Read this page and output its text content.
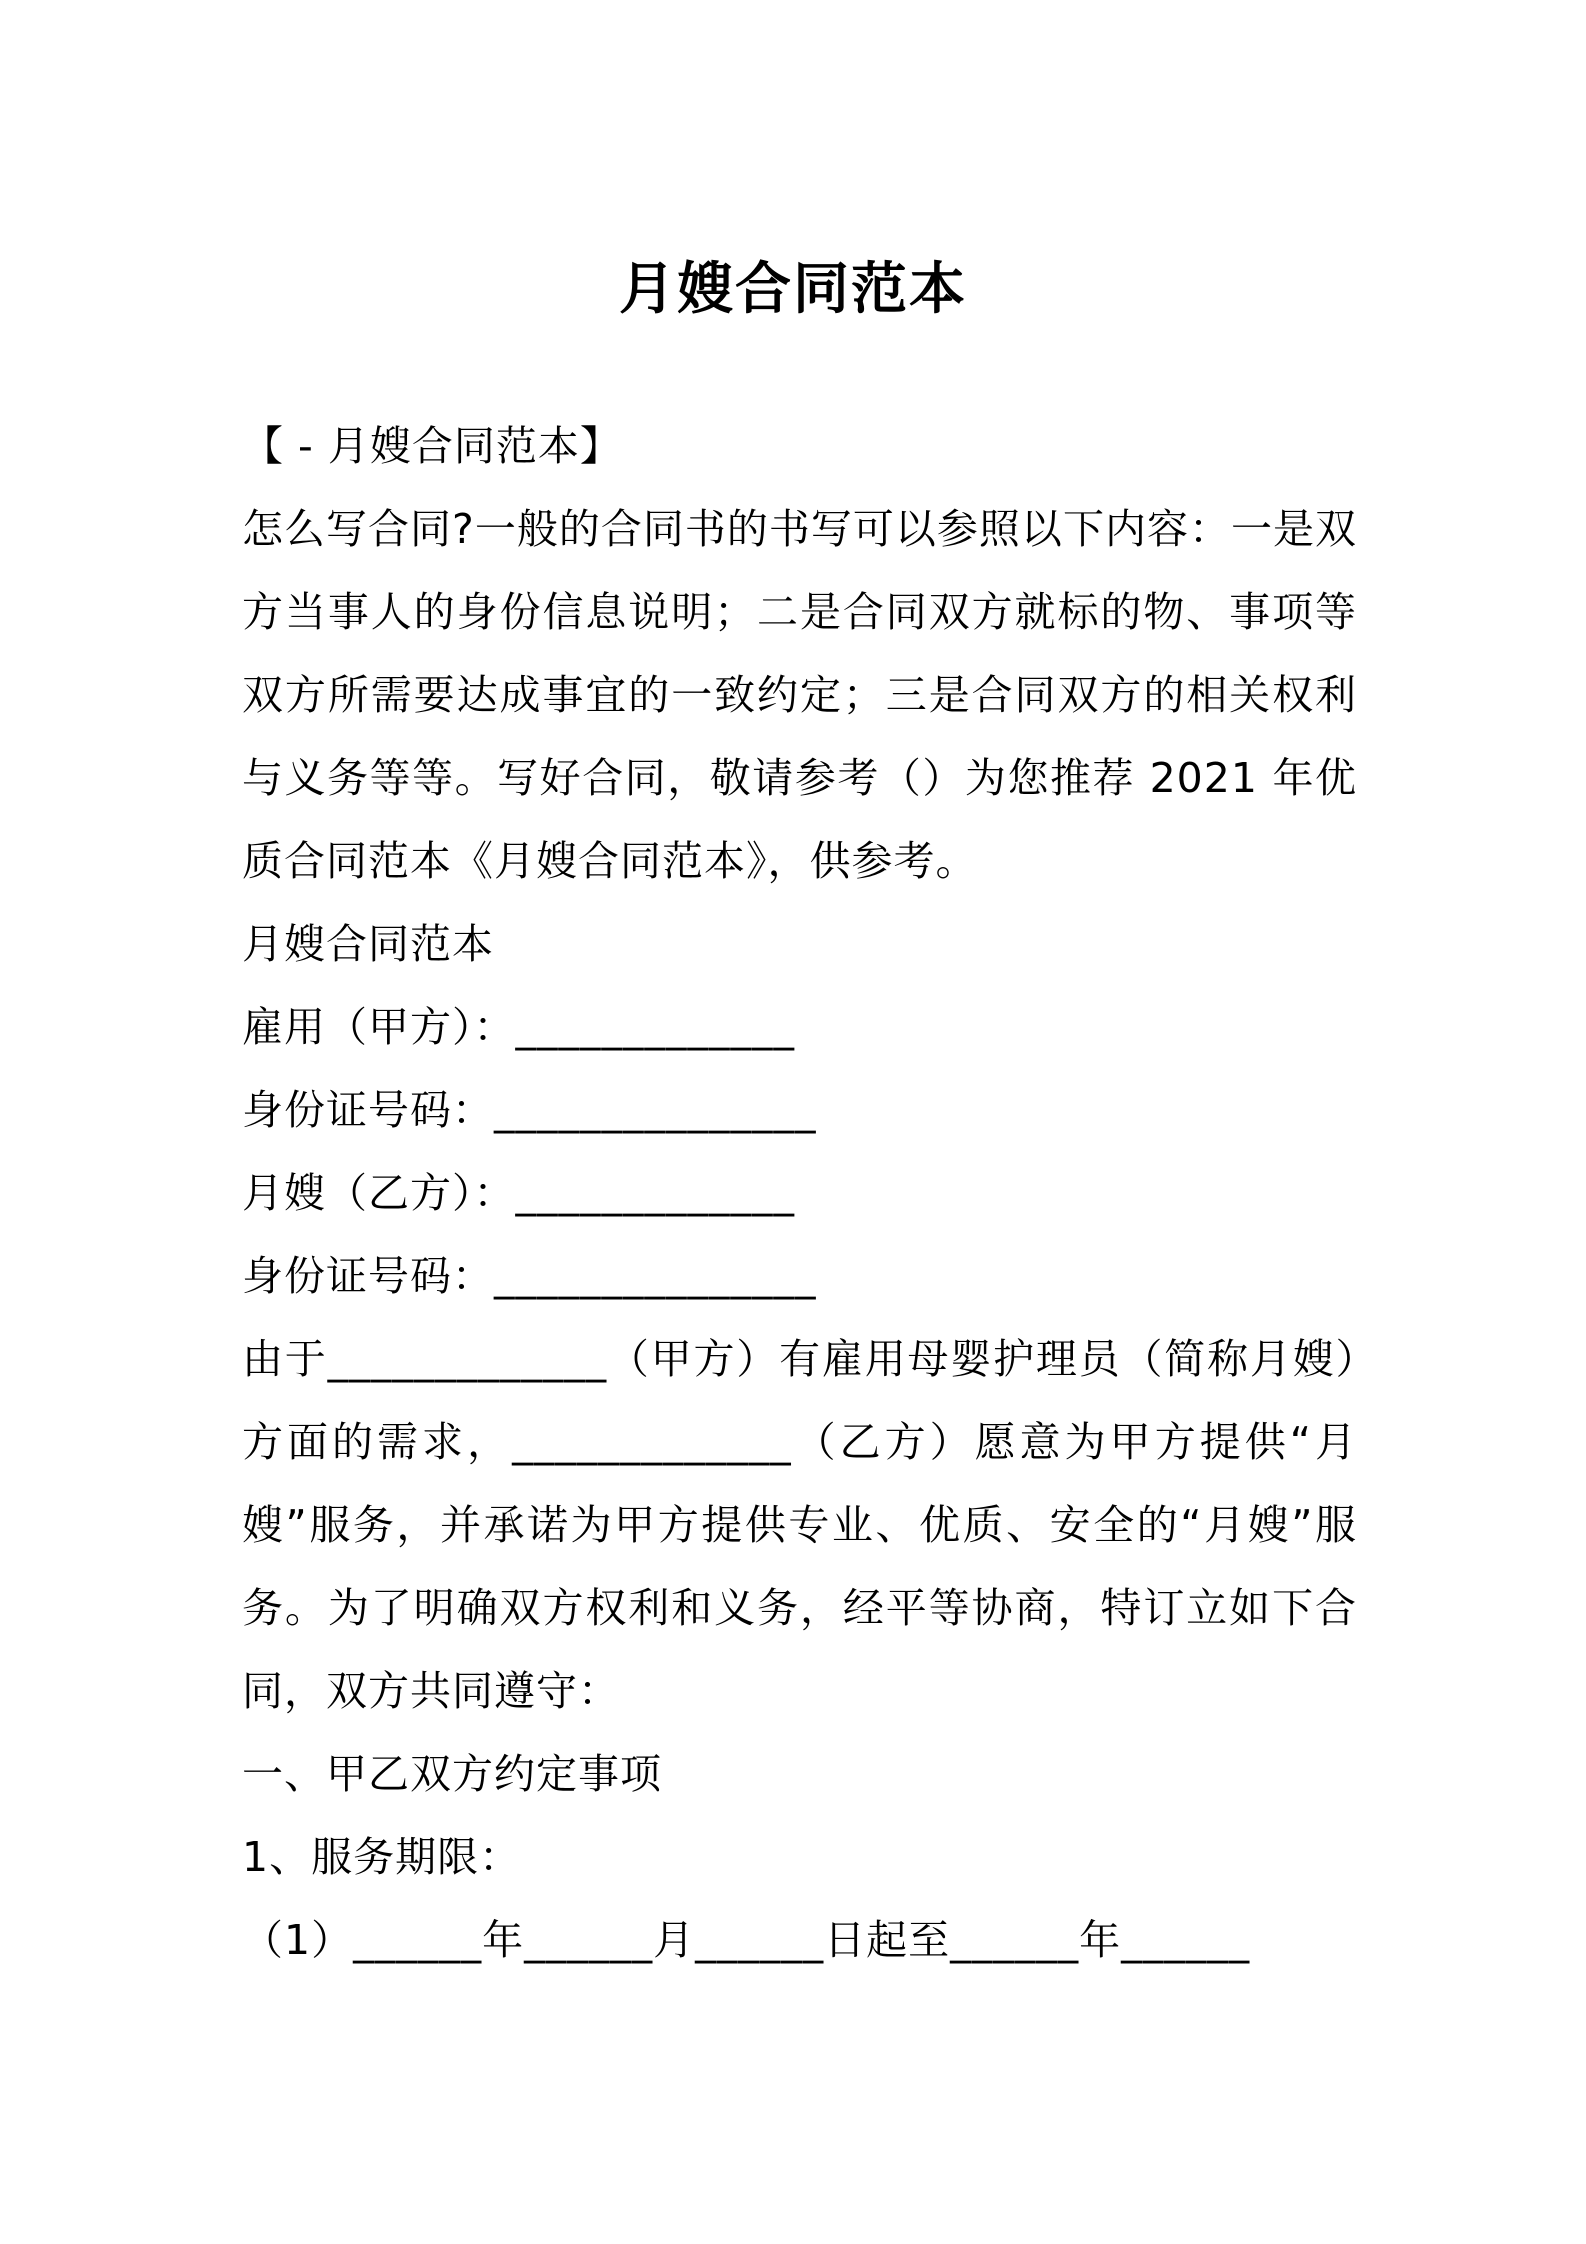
月嫂合同范本

【 - 月嫂合同范本】

怎么写合同?一般的合同书的书写可以参照以下内容：一是双方当事人的身份信息说明；二是合同双方就标的物、事项等双方所需要达成事宜的一致约定；三是合同双方的相关权利与义务等等。写好合同，敬请参考（）为您推荐 2021 年优质合同范本《月嫂合同范本》，供参考。

月嫂合同范本

雇用（甲方）：_____________

身份证号码：_______________

月嫂（乙方）：_____________

身份证号码：_______________

由于_____________（甲方）有雇用母婴护理员（简称月嫂）方面的需求，_____________（乙方）愿意为甲方提供“月嫂”服务，并承诺为甲方提供专业、优质、安全的“月嫂”服务。为了明确双方权利和义务，经平等协商，特订立如下合同，双方共同遵守：

一、甲乙双方约定事项

1、服务期限：

（1）______年______月______日起至______年______
